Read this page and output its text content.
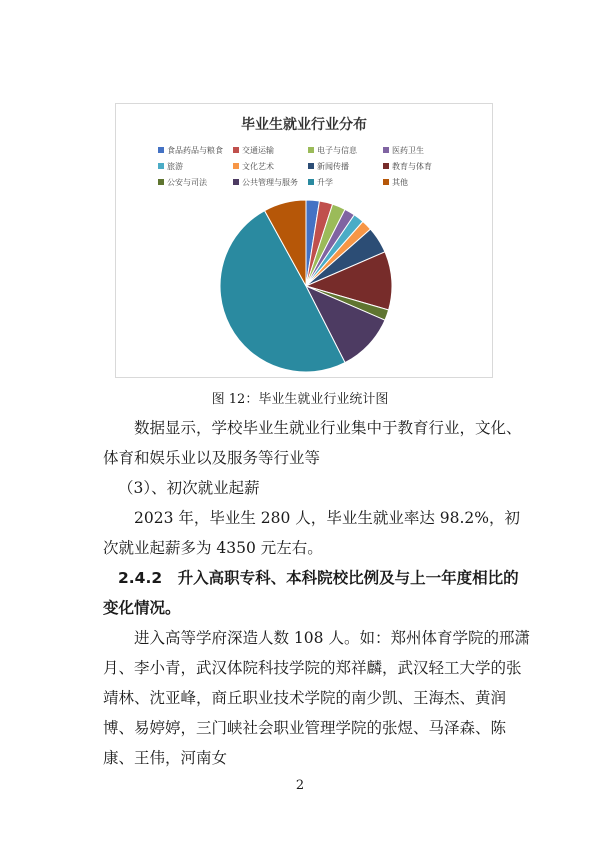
毕业生就业行业分布
食品药品与粮食 交通运输	电子与信息	医药卫生
旅游	文化艺术	新闻传播	教育与体育
公安与司法	公共管理与服务 升学	其他
图 12：毕业生就业行业统计图

数据显示，学校毕业生就业行业集中于教育行业，文化、体育和娱乐业以及服务等行业等

（3）、初次就业起薪

2023 年，毕业生 280 人，毕业生就业率达 98.2%，初次就业起薪多为 4350 元左右。

2.4.2　升入高职专科、本科院校比例及与上一年度相比的变化情况。

进入高等学府深造人数 108 人。如：郑州体育学院的邢潇月、李小青，武汉体院科技学院的郑祥麟，武汉轻工大学的张靖林、沈亚峰，商丘职业技术学院的南少凯、王海杰、黄润博、易婷婷，三门峡社会职业管理学院的张煜、马泽森、陈康、王伟，河南女

2
